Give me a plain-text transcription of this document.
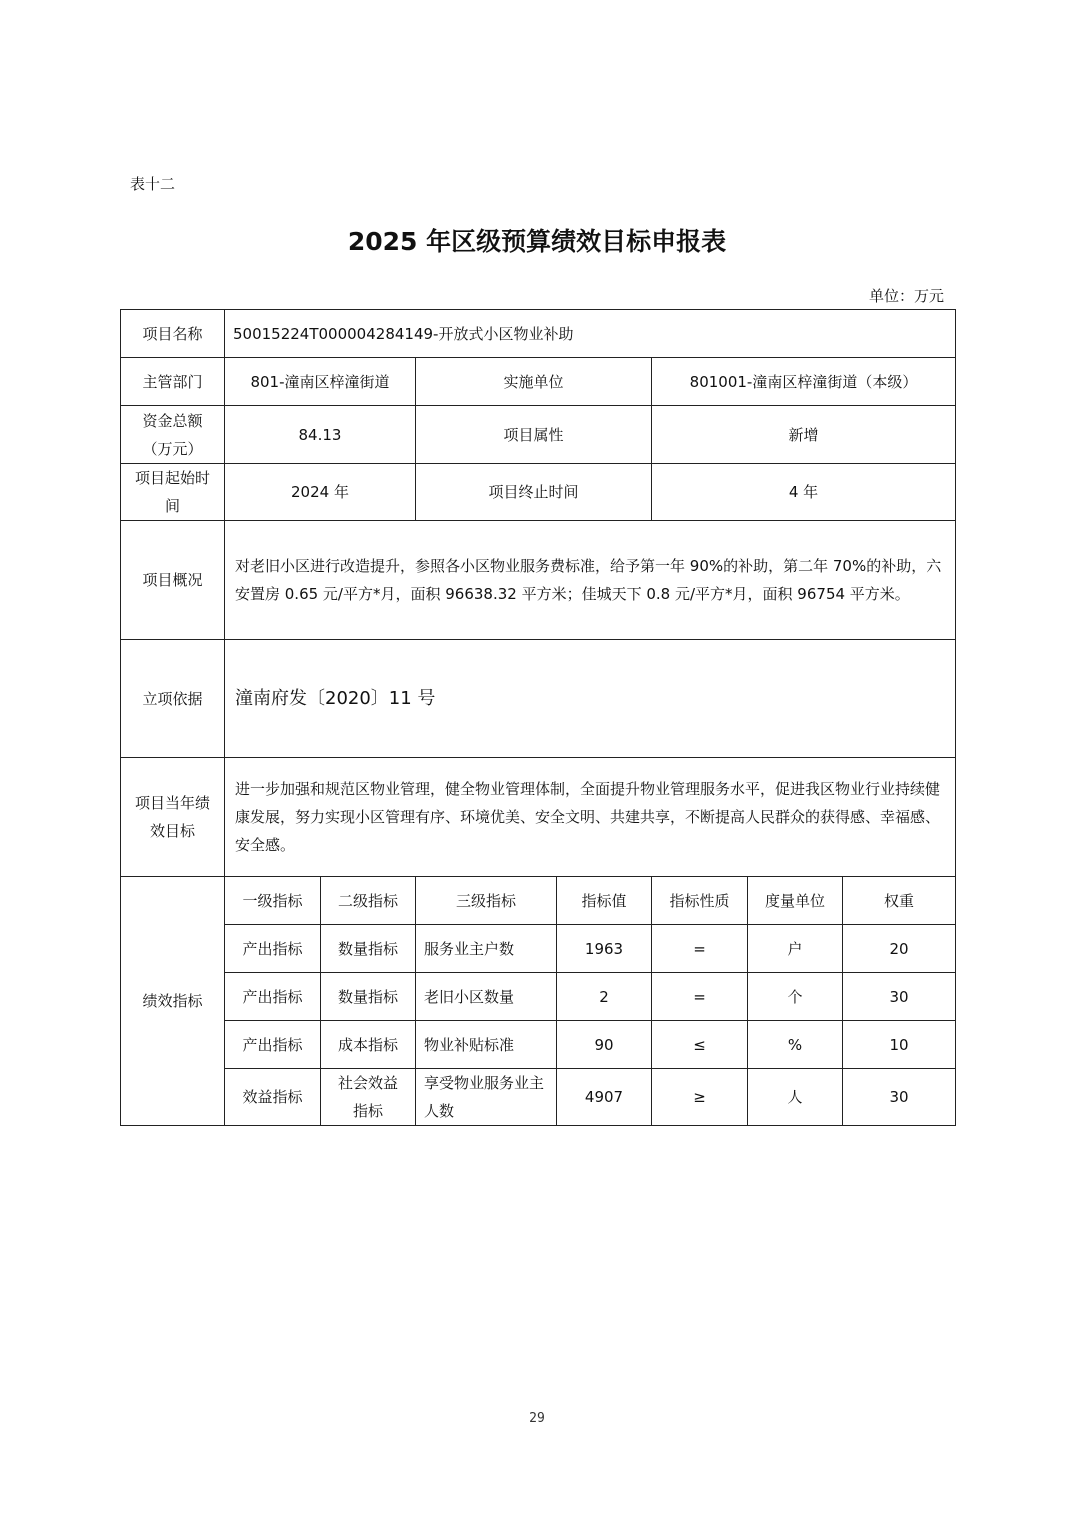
表十二
2025 年区级预算绩效目标申报表
单位：万元
项目名称	50015224T000004284149-开放式小区物业补助						
主管部门	801-潼南区梓潼街道		实施单位		801001-潼南区梓潼街道（本级）		
资金总额（万元）	84.13		项目属性		新增		
项目起始时间	2024 年		项目终止时间		4 年		
项目概况	对老旧小区进行改造提升，参照各小区物业服务费标准，给予第一年 90%的补助，第二年 70%的补助，六安置房 0.65 元/平方*月，面积 96638.32 平方米；佳城天下 0.8 元/平方*月，面积 96754 平方米。						
立项依据	潼南府发〔2020〕11 号						
项目当年绩效目标	进一步加强和规范区物业管理，健全物业管理体制，全面提升物业管理服务水平，促进我区物业行业持续健康发展，努力实现小区管理有序、环境优美、安全文明、共建共享，不断提高人民群众的获得感、幸福感、安全感。						
绩效指标	一级指标	二级指标	三级指标	指标值	指标性质	度量单位	权重
	产出指标	数量指标	服务业主户数	1963	=	户	20
	产出指标	数量指标	老旧小区数量	2	=	个	30
	产出指标	成本指标	物业补贴标准	90	≤	%	10
	效益指标	社会效益指标	享受物业服务业主人数	4907	≥	人	30
29
